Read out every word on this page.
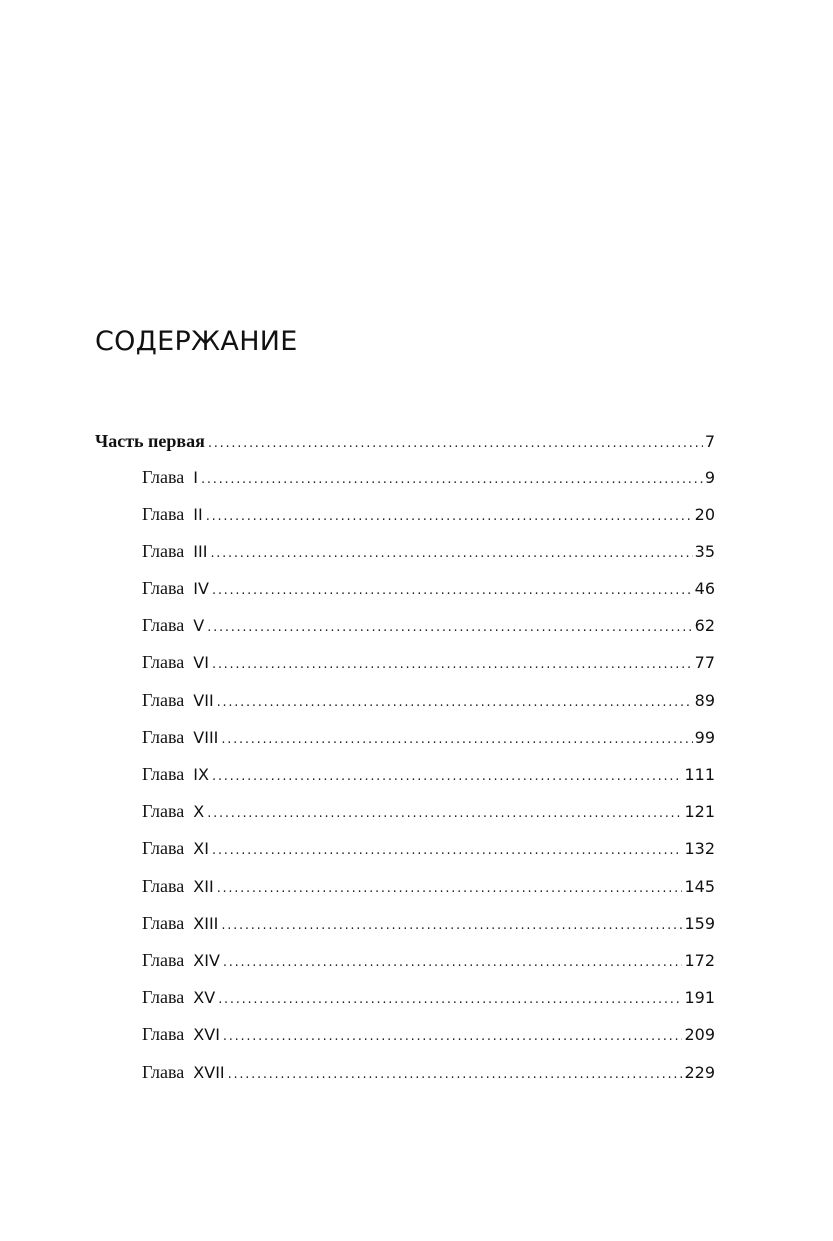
СОДЕРЖАНИЕ
Часть первая . . .	7
Глава I . . .	9
Глава II . . .	20
Глава III . . .	35
Глава IV . . .	46
Глава V . . .	62
Глава VI . . .	77
Глава VII . . .	89
Глава VIII . . .	99
Глава IX . . .	111
Глава X . . .	121
Глава XI . . .	132
Глава XII . . .	145
Глава XIII . . .	159
Глава XIV . . .	172
Глава XV . . .	191
Глава XVI . . .	209
Глава XVII . . .	229
